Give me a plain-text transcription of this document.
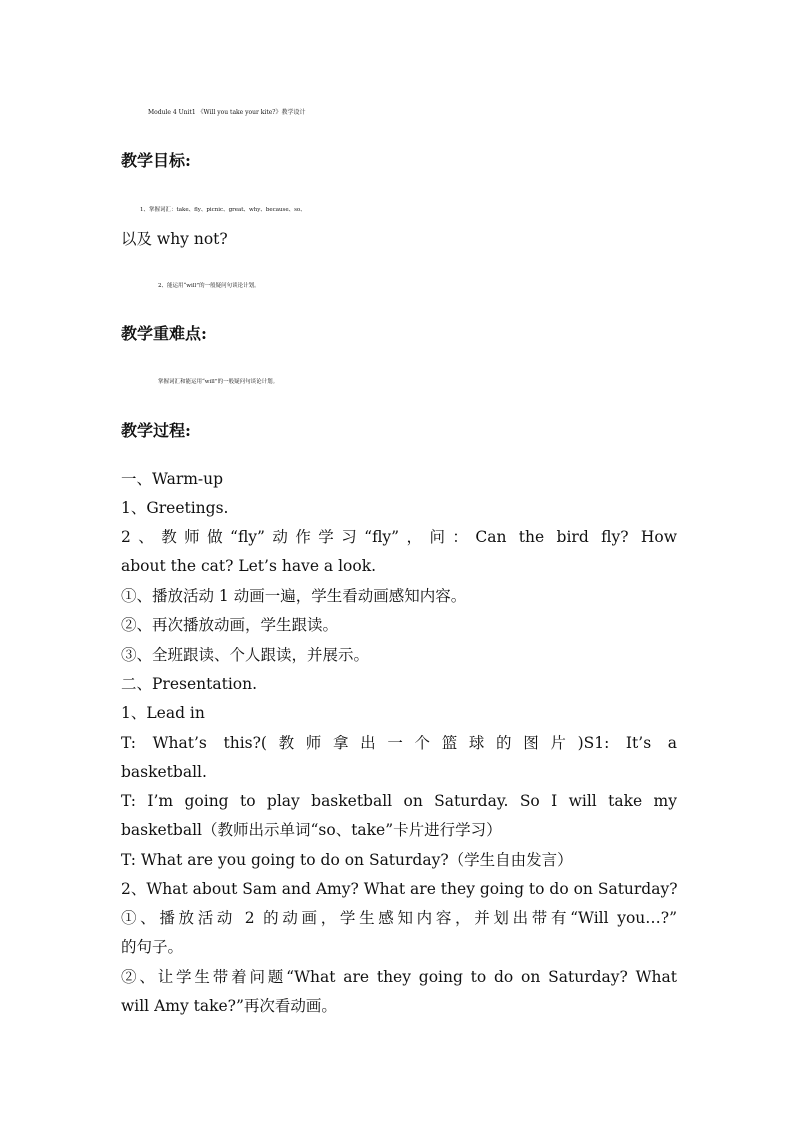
Module 4 Unit1 《Will you take your kite?》教学设计
教学目标:
1、掌握词汇：take、fly、picnic、great、why、because、so、
以及 why not?
2、能运用“will”的一般疑问句谈论计划。
教学重难点:
掌握词汇和能运用“will”的一般疑问句谈论计划。
教学过程:
一、Warm-up
1、Greetings.
2、教师做“fly”动作学习“fly”，问：Can the bird fly? How
about the cat? Let’s have a look.
①、播放活动 1 动画一遍，学生看动画感知内容。
②、再次播放动画，学生跟读。
③、全班跟读、个人跟读，并展示。
二、Presentation.
1、Lead in
T: What’s this?(教师拿出一个篮球的图片)S1: It’s a
basketball.
T: I’m going to play basketball on Saturday. So I will take my
basketball（教师出示单词“so、take”卡片进行学习）
T: What are you going to do on Saturday?（学生自由发言）
2、What about Sam and Amy? What are they going to do on Saturday?
①、播放活动 2 的动画，学生感知内容，并划出带有“Will you…?”
的句子。
②、让学生带着问题“What are they going to do on Saturday? What
will Amy take?”再次看动画。
